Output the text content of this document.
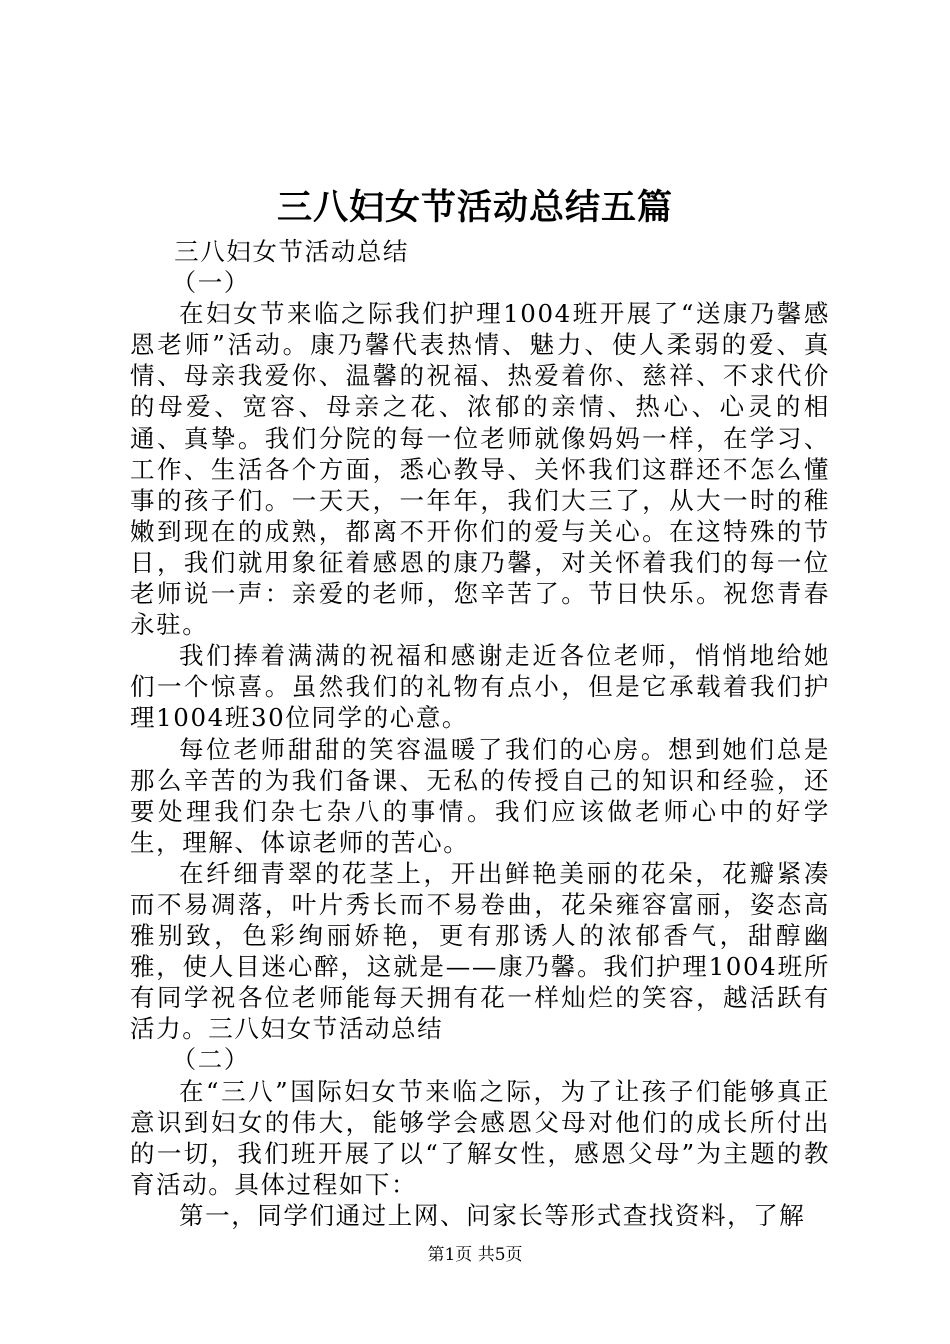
三八妇女节活动总结五篇

三八妇女节活动总结

（一）

在妇女节来临之际我们护理1004班开展了“送康乃馨感恩老师”活动。康乃馨代表热情、魅力、使人柔弱的爱、真情、母亲我爱你、温馨的祝福、热爱着你、慈祥、不求代价的母爱、宽容、母亲之花、浓郁的亲情、热心、心灵的相通、真挚。我们分院的每一位老师就像妈妈一样，在学习、工作、生活各个方面，悉心教导、关怀我们这群还不怎么懂事的孩子们。一天天，一年年，我们大三了，从大一时的稚嫩到现在的成熟，都离不开你们的爱与关心。在这特殊的节日，我们就用象征着感恩的康乃馨，对关怀着我们的每一位老师说一声：亲爱的老师，您辛苦了。节日快乐。祝您青春永驻。

我们捧着满满的祝福和感谢走近各位老师，悄悄地给她们一个惊喜。虽然我们的礼物有点小，但是它承载着我们护理1004班30位同学的心意。

每位老师甜甜的笑容温暖了我们的心房。想到她们总是那么辛苦的为我们备课、无私的传授自己的知识和经验，还要处理我们杂七杂八的事情。我们应该做老师心中的好学生，理解、体谅老师的苦心。

在纤细青翠的花茎上，开出鲜艳美丽的花朵，花瓣紧凑而不易凋落，叶片秀长而不易卷曲，花朵雍容富丽，姿态高雅别致，色彩绚丽娇艳，更有那诱人的浓郁香气，甜醇幽雅，使人目迷心醉，这就是——康乃馨。我们护理1004班所有同学祝各位老师能每天拥有花一样灿烂的笑容，越活跃有活力。三八妇女节活动总结

（二）

在“三八”国际妇女节来临之际，为了让孩子们能够真正意识到妇女的伟大，能够学会感恩父母对他们的成长所付出的一切，我们班开展了以“了解女性，感恩父母”为主题的教育活动。具体过程如下：

第一，同学们通过上网、问家长等形式查找资料，了解

第1页 共5页
